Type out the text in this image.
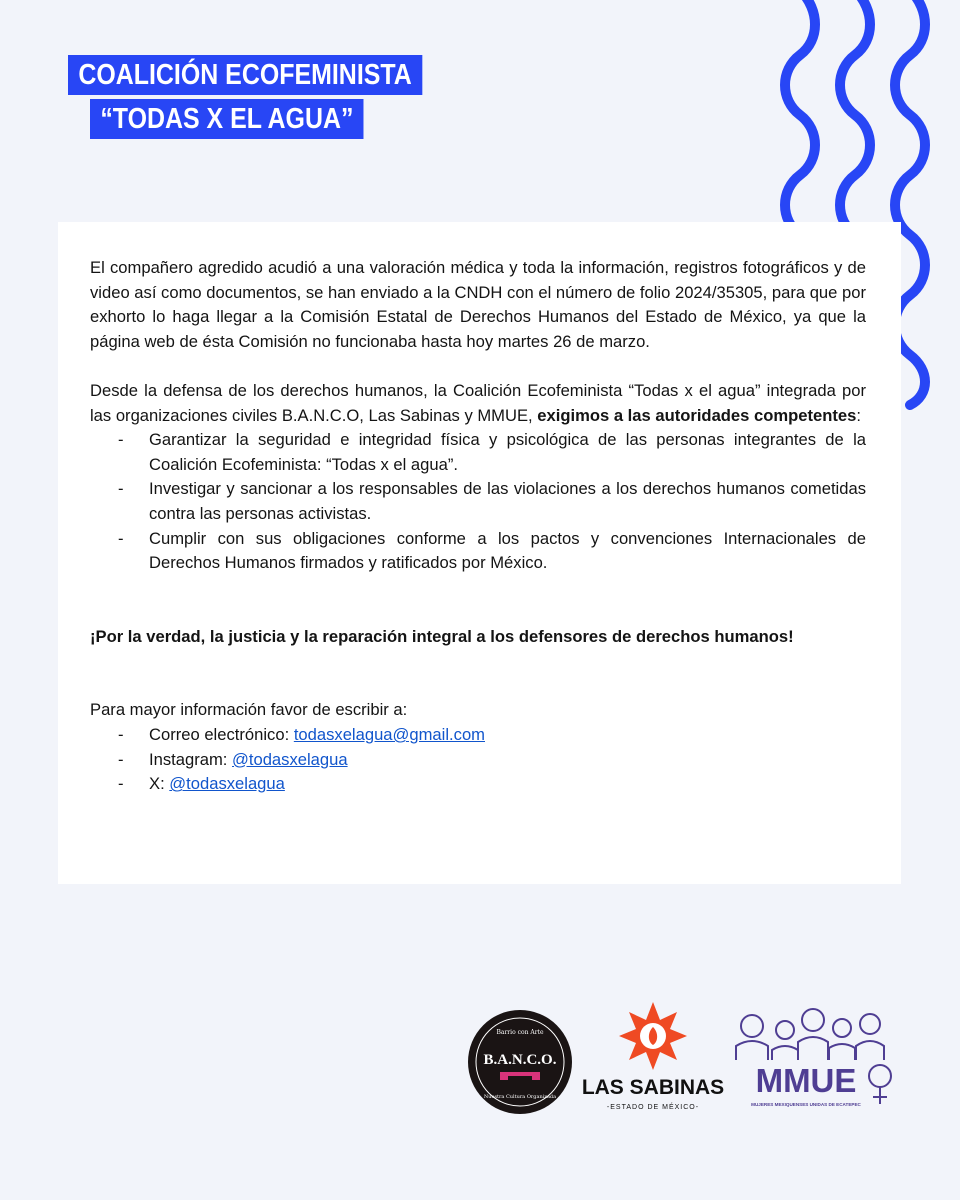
COALICIÓN ECOFEMINISTA
“TODAS X EL AGUA”

El compañero agredido acudió a una valoración médica y toda la información, registros fotográficos y de video así como documentos, se han enviado a la CNDH con el número de folio 2024/35305, para que por exhorto lo haga llegar a la Comisión Estatal de Derechos Humanos del Estado de México, ya que la página web de ésta Comisión no funcionaba hasta hoy martes 26 de marzo.

Desde la defensa de los derechos humanos, la Coalición Ecofeminista “Todas x el agua” integrada por las organizaciones civiles B.A.N.C.O, Las Sabinas y MMUE, exigimos a las autoridades competentes:

-	Garantizar la seguridad e integridad física y psicológica de las personas integrantes de la Coalición Ecofeminista: “Todas x el agua”.
-	Investigar y sancionar a los responsables de las violaciones a los derechos humanos cometidas contra las personas activistas.
-	Cumplir con sus obligaciones conforme a los pactos y convenciones Internacionales de Derechos Humanos firmados y ratificados por México.

¡Por la verdad, la justicia y la reparación integral a los defensores de derechos humanos!

Para mayor información favor de escribir a:

-	Correo electrónico: todasxelagua@gmail.com
-	Instagram: @todasxelagua
-	X: @todasxelagua
B.A.N.C.O.
Barrio con Arte
Nuestra Cultura Organizada LAS SABINAS
-ESTADO DE MÉXICO-
MMUE
MUJERES MEXIQUENSES UNIDAS DE ECATEPEC
